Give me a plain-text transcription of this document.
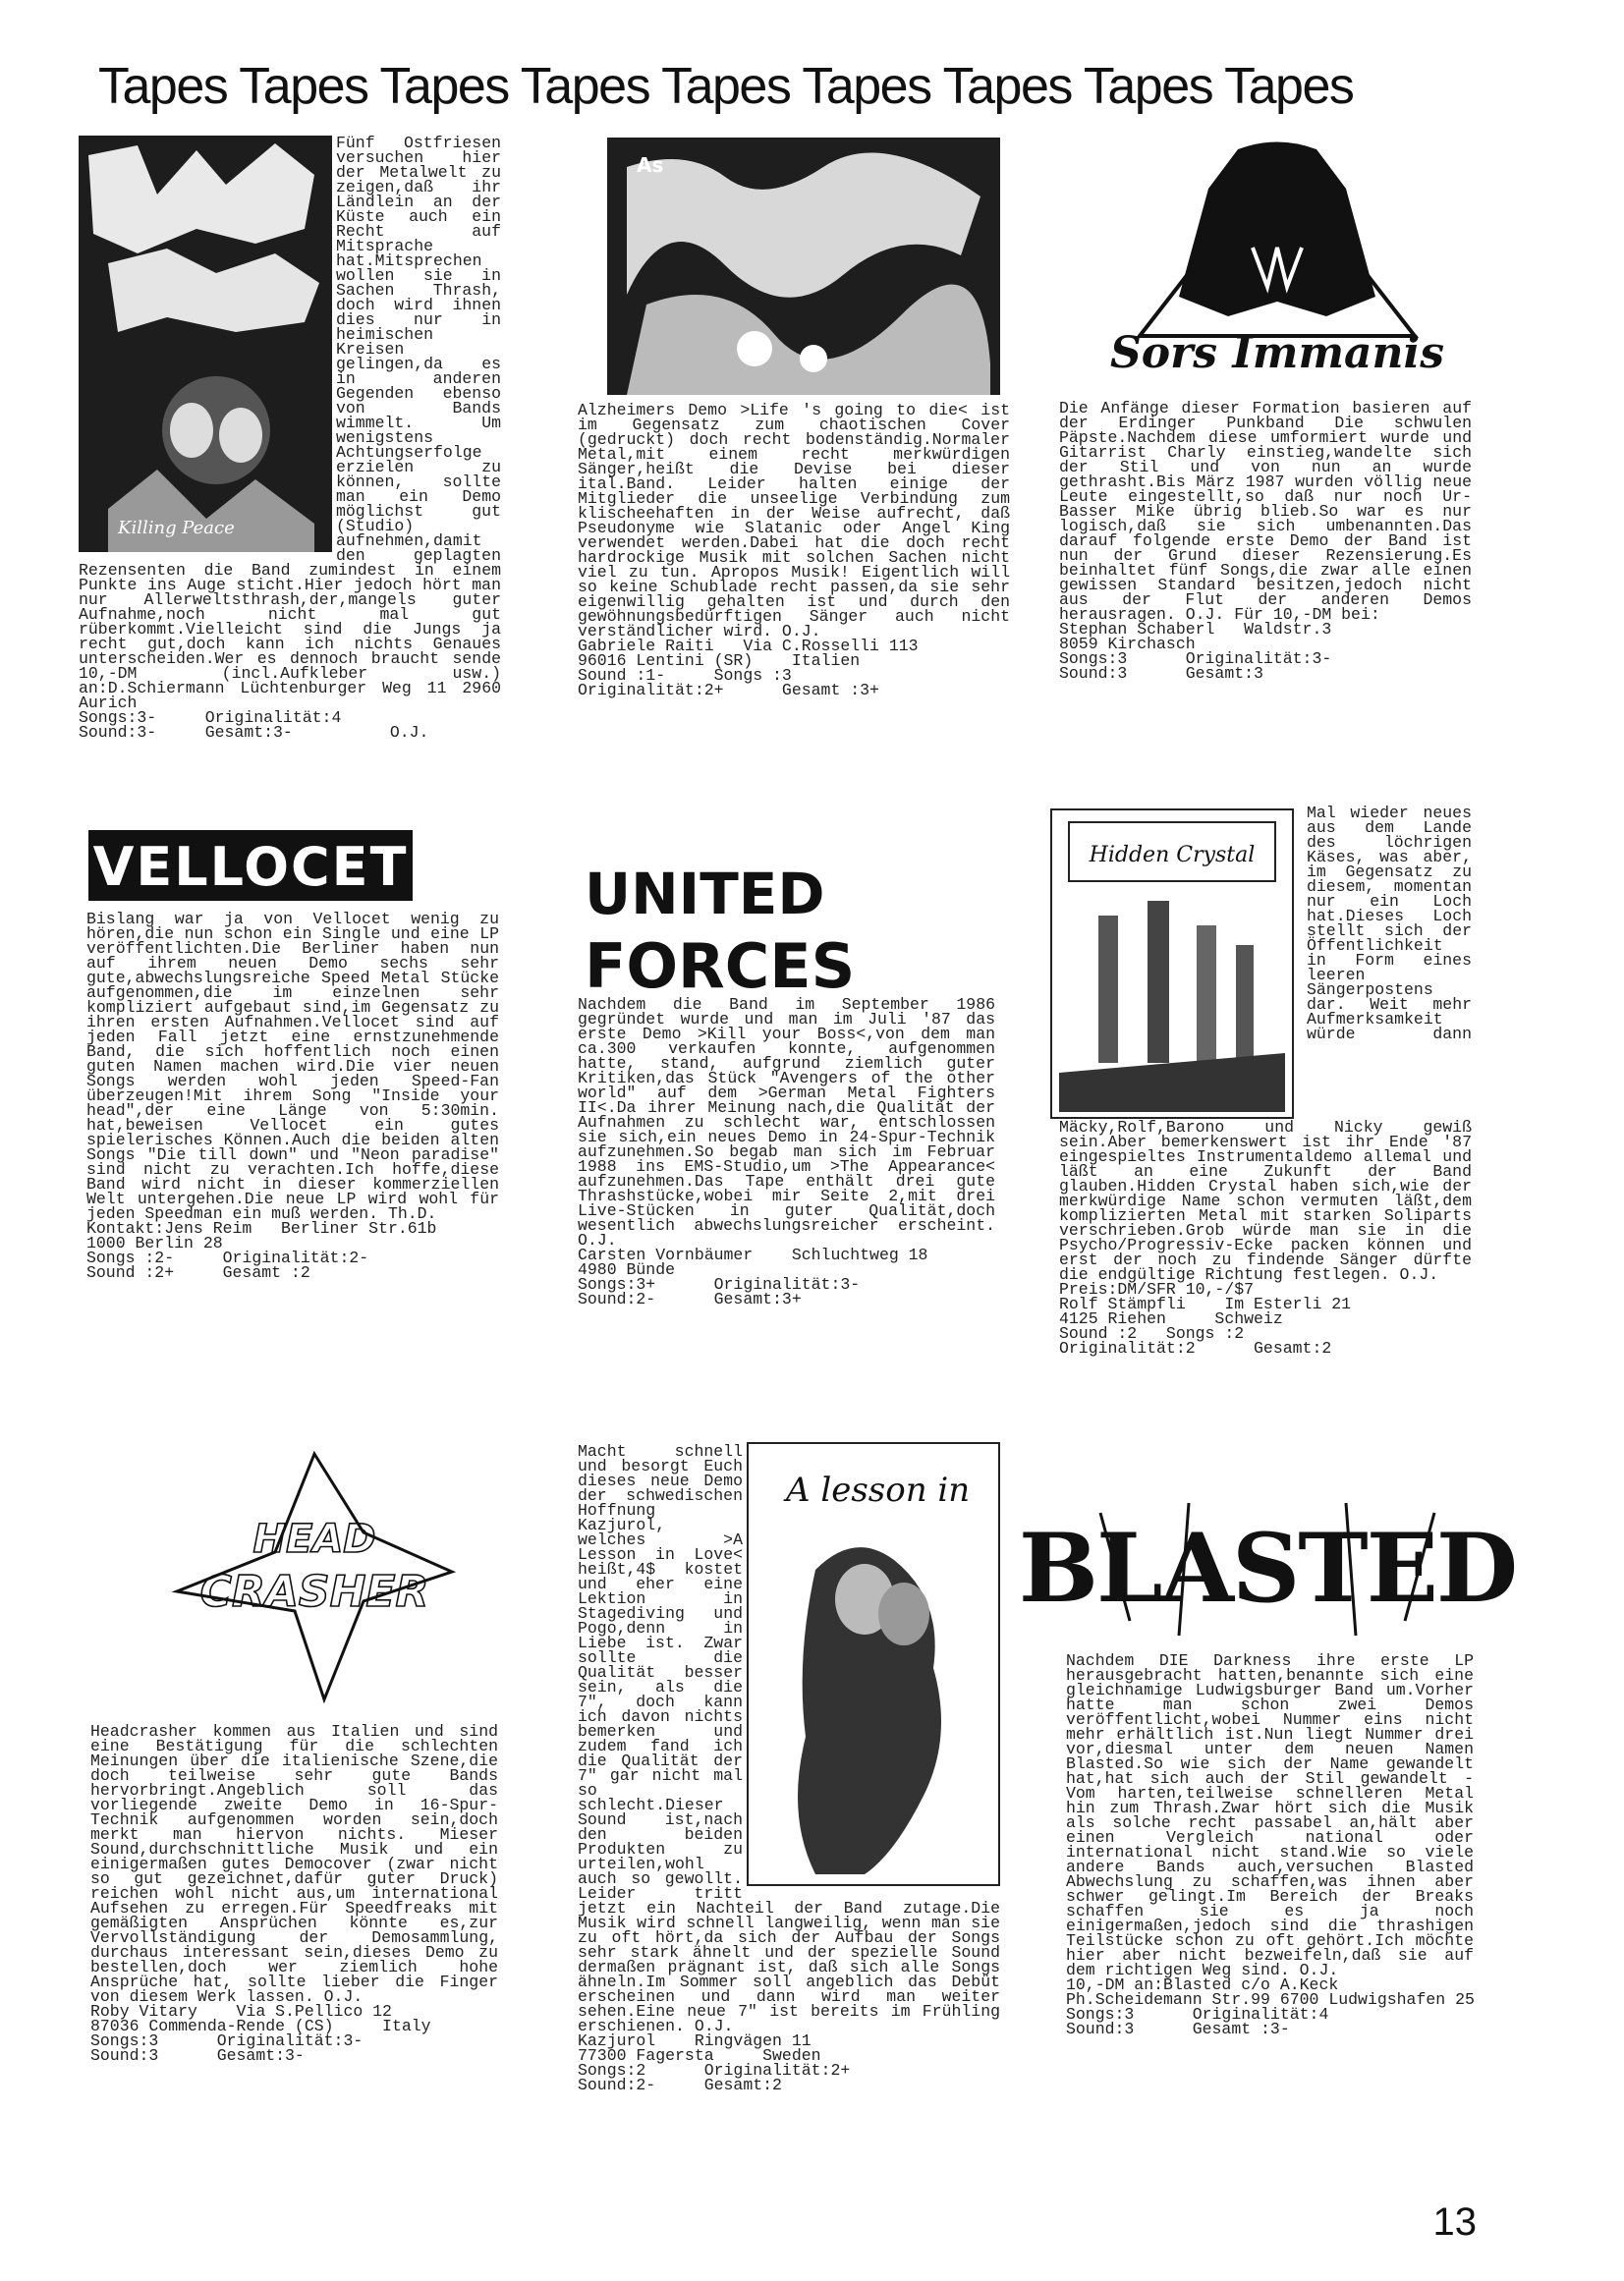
Tapes Tapes Tapes Tapes Tapes Tapes Tapes Tapes Tapes
Killing Peace

Fünf Ostfriesen versuchen hier der Metalwelt zu zeigen,daß ihr Ländlein an der Küste auch ein Recht auf Mitsprache hat.Mitsprechen wollen sie in Sachen Thrash, doch wird ihnen dies nur in heimischen Kreisen gelingen,da es in anderen Gegenden ebenso von Bands wimmelt. Um wenigstens Achtungserfolge erzielen zu können, sollte man ein Demo möglichst gut (Studio) aufnehmen,damit den geplagten Rezensenten die Band zumindest in einem Punkte ins Auge sticht.Hier jedoch hört man nur Allerweltsthrash,der,mangels guter Aufnahme,noch nicht mal gut rüberkommt.Vielleicht sind die Jungs ja recht gut,doch kann ich nichts Genaues unterscheiden.Wer es dennoch braucht sende 10,-DM (incl.Aufkleber usw.) an:D.Schiermann Lüchtenburger Weg 11 2960 Aurich

Songs:3-     Originalität:4
Sound:3-     Gesamt:3-          O.J.
As

Alzheimers Demo >Life 's going to die< ist im Gegensatz zum chaotischen Cover (gedruckt) doch recht bodenständig.Normaler Metal,mit einem recht merkwürdigen Sänger,heißt die Devise bei dieser ital.Band. Leider halten einige der Mitglieder die unseelige Verbindung zum klischeehaften in der Weise aufrecht, daß Pseudonyme wie Slatanic oder Angel King verwendet werden.Dabei hat die doch recht hardrockige Musik mit solchen Sachen nicht viel zu tun. Apropos Musik! Eigentlich will so keine Schublade recht passen,da sie sehr eigenwillig gehalten ist und durch den gewöhnungsbedürftigen Sänger auch nicht verständlicher wird. O.J.

Gabriele Raiti   Via C.Rosselli 113
96016 Lentini (SR)    Italien
Sound :1-     Songs :3
Originalität:2+      Gesamt :3+
Sors Immanis

Die Anfänge dieser Formation basieren auf der Erdinger Punkband Die schwulen Päpste.Nachdem diese umformiert wurde und Gitarrist Charly einstieg,wandelte sich der Stil und von nun an wurde gethrasht.Bis März 1987 wurden völlig neue Leute eingestellt,so daß nur noch Ur-Basser Mike übrig blieb.So war es nur logisch,daß sie sich umbenannten.Das darauf folgende erste Demo der Band ist nun der Grund dieser Rezensierung.Es beinhaltet fünf Songs,die zwar alle einen gewissen Standard besitzen,jedoch nicht aus der Flut der anderen Demos herausragen. O.J. Für 10,-DM bei:

Stephan Schaberl   Waldstr.3
8059 Kirchasch
Songs:3      Originalität:3-
Sound:3      Gesamt:3
VELLOCET

Bislang war ja von Vellocet wenig zu hören,die nun schon ein Single und eine LP veröffentlichten.Die Berliner haben nun auf ihrem neuen Demo sechs sehr gute,abwechslungsreiche Speed Metal Stücke aufgenommen,die im einzelnen sehr kompliziert aufgebaut sind,im Gegensatz zu ihren ersten Aufnahmen.Vellocet sind auf jeden Fall jetzt eine ernstzunehmende Band, die sich hoffentlich noch einen guten Namen machen wird.Die vier neuen Songs werden wohl jeden Speed-Fan überzeugen!Mit ihrem Song "Inside your head",der eine Länge von 5:30min. hat,beweisen Vellocet ein gutes spielerisches Können.Auch die beiden alten Songs "Die till down" und "Neon paradise" sind nicht zu verachten.Ich hoffe,diese Band wird nicht in dieser kommerziellen Welt untergehen.Die neue LP wird wohl für jeden Speedman ein muß werden. Th.D.

Kontakt:Jens Reim   Berliner Str.61b
1000 Berlin 28
Songs :2-     Originalität:2-
Sound :2+     Gesamt :2
UNITED
FORCES

Nachdem die Band im September 1986 gegründet wurde und man im Juli '87 das erste Demo >Kill your Boss<,von dem man ca.300 verkaufen konnte, aufgenommen hatte, stand, aufgrund ziemlich guter Kritiken,das Stück "Avengers of the other world" auf dem >German Metal Fighters II<.Da ihrer Meinung nach,die Qualität der Aufnahmen zu schlecht war, entschlossen sie sich,ein neues Demo in 24-Spur-Technik aufzunehmen.So begab man sich im Februar 1988 ins EMS-Studio,um >The Appearance< aufzunehmen.Das Tape enthält drei gute Thrashstücke,wobei mir Seite 2,mit drei Live-Stücken in guter Qualität,doch wesentlich abwechslungsreicher erscheint. O.J.

Carsten Vornbäumer    Schluchtweg 18
4980 Bünde
Songs:3+      Originalität:3-
Sound:2-      Gesamt:3+
Hidden Crystal

Mal wieder neues aus dem Lande des löchrigen Käses, was aber, im Gegensatz zu diesem, momentan nur ein Loch hat.Dieses Loch stellt sich der Öffentlichkeit in Form eines leeren Sängerpostens dar. Weit mehr Aufmerksamkeit würde dann Mäcky,Rolf,Barono und Nicky gewiß sein.Aber bemerkenswert ist ihr Ende '87 eingespieltes Instrumentaldemo allemal und läßt an eine Zukunft der Band glauben.Hidden Crystal haben sich,wie der merkwürdige Name schon vermuten läßt,dem komplizierten Metal mit starken Soliparts verschrieben.Grob würde man sie in die Psycho/Progressiv-Ecke packen können und erst der noch zu findende Sänger dürfte die endgültige Richtung festlegen. O.J.

Preis:DM/SFR 10,-/$7
Rolf Stämpfli    Im Esterli 21
4125 Riehen     Schweiz
Sound :2   Songs :2
Originalität:2      Gesamt:2
HEAD
CRASHER

Headcrasher kommen aus Italien und sind eine Bestätigung für die schlechten Meinungen über die italienische Szene,die doch teilweise sehr gute Bands hervorbringt.Angeblich soll das vorliegende zweite Demo in 16-Spur-Technik aufgenommen worden sein,doch merkt man hiervon nichts. Mieser Sound,durchschnittliche Musik und ein einigermaßen gutes Democover (zwar nicht so gut gezeichnet,dafür guter Druck) reichen wohl nicht aus,um international Aufsehen zu erregen.Für Speedfreaks mit gemäßigten Ansprüchen könnte es,zur Vervollständigung der Demosammlung, durchaus interessant sein,dieses Demo zu bestellen,doch wer ziemlich hohe Ansprüche hat, sollte lieber die Finger von diesem Werk lassen. O.J.

Roby Vitary    Via S.Pellico 12
87036 Commenda-Rende (CS)     Italy
Songs:3      Originalität:3-
Sound:3      Gesamt:3-
A lesson in

Macht schnell und besorgt Euch dieses neue Demo der schwedischen Hoffnung Kazjurol, welches >A Lesson in Love< heißt,4$ kostet und eher eine Lektion in Stagediving und Pogo,denn in Liebe ist. Zwar sollte die Qualität besser sein, als die 7", doch kann ich davon nichts bemerken und zudem fand ich die Qualität der 7" gar nicht mal so schlecht.Dieser Sound ist,nach den beiden Produkten zu urteilen,wohl auch so gewollt. Leider tritt jetzt ein Nachteil der Band zutage.Die Musik wird schnell langweilig, wenn man sie zu oft hört,da sich der Aufbau der Songs sehr stark ähnelt und der spezielle Sound dermaßen prägnant ist, daß sich alle Songs ähneln.Im Sommer soll angeblich das Debüt erscheinen und dann wird man weiter sehen.Eine neue 7" ist bereits im Frühling erschienen. O.J.

Kazjurol    Ringvägen 11
77300 Fagersta     Sweden
Songs:2      Originalität:2+
Sound:2-     Gesamt:2
BLASTED

Nachdem DIE Darkness ihre erste LP herausgebracht hatten,benannte sich eine gleichnamige Ludwigsburger Band um.Vorher hatte man schon zwei Demos veröffentlicht,wobei Nummer eins nicht mehr erhältlich ist.Nun liegt Nummer drei vor,diesmal unter dem neuen Namen Blasted.So wie sich der Name gewandelt hat,hat sich auch der Stil gewandelt - Vom harten,teilweise schnelleren Metal hin zum Thrash.Zwar hört sich die Musik als solche recht passabel an,hält aber einen Vergleich national oder international nicht stand.Wie so viele andere Bands auch,versuchen Blasted Abwechslung zu schaffen,was ihnen aber schwer gelingt.Im Bereich der Breaks schaffen sie es ja noch einigermaßen,jedoch sind die thrashigen Teilstücke schon zu oft gehört.Ich möchte hier aber nicht bezweifeln,daß sie auf dem richtigen Weg sind. O.J.

10,-DM an:Blasted c/o A.Keck
Ph.Scheidemann Str.99 6700 Ludwigshafen 25
Songs:3      Originalität:4
Sound:3      Gesamt :3-
13
